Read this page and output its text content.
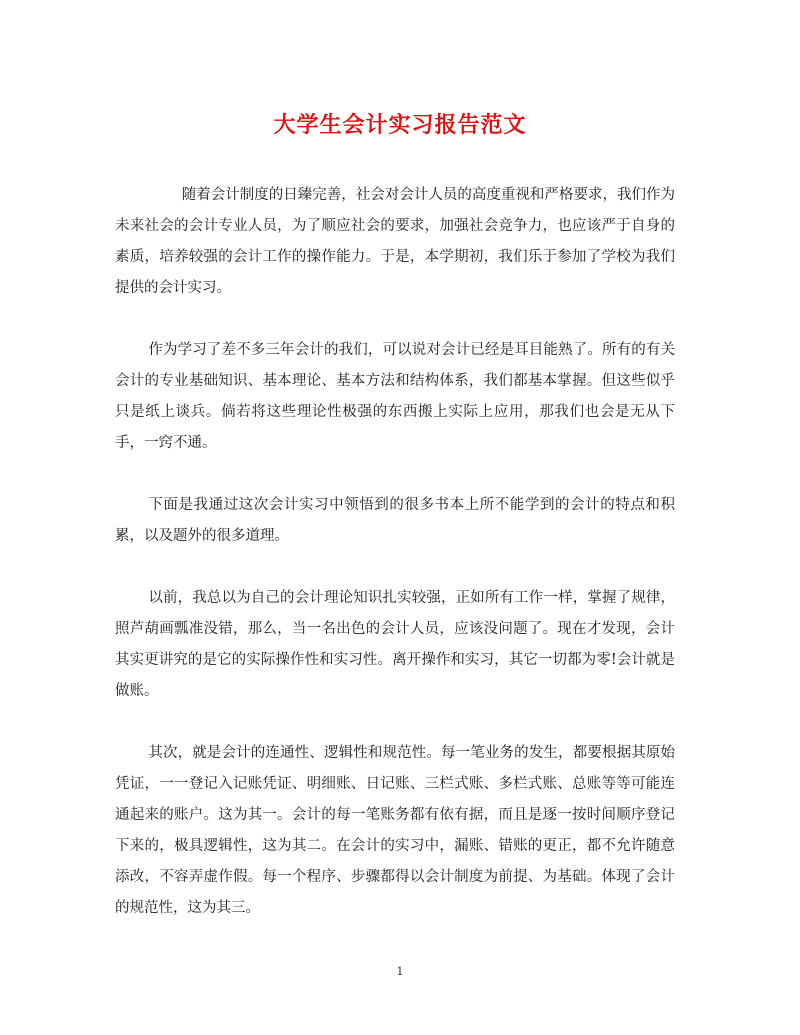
大学生会计实习报告范文

随着会计制度的日臻完善，社会对会计人员的高度重视和严格要求，我们作为未来社会的会计专业人员，为了顺应社会的要求，加强社会竞争力，也应该严于自身的素质，培养较强的会计工作的操作能力。于是，本学期初，我们乐于参加了学校为我们提供的会计实习。

作为学习了差不多三年会计的我们，可以说对会计已经是耳目能熟了。所有的有关会计的专业基础知识、基本理论、基本方法和结构体系，我们都基本掌握。但这些似乎只是纸上谈兵。倘若将这些理论性极强的东西搬上实际上应用，那我们也会是无从下手，一窍不通。

下面是我通过这次会计实习中领悟到的很多书本上所不能学到的会计的特点和积累，以及题外的很多道理。

以前，我总以为自己的会计理论知识扎实较强，正如所有工作一样，掌握了规律，照芦葫画瓢准没错，那么，当一名出色的会计人员，应该没问题了。现在才发现，会计其实更讲究的是它的实际操作性和实习性。离开操作和实习，其它一切都为零!会计就是做账。

其次，就是会计的连通性、逻辑性和规范性。每一笔业务的发生，都要根据其原始凭证，一一登记入记账凭证、明细账、日记账、三栏式账、多栏式账、总账等等可能连通起来的账户。这为其一。会计的每一笔账务都有依有据，而且是逐一按时间顺序登记下来的，极具逻辑性，这为其二。在会计的实习中，漏账、错账的更正，都不允许随意添改，不容弄虚作假。每一个程序、步骤都得以会计制度为前提、为基础。体现了会计的规范性，这为其三。

1
